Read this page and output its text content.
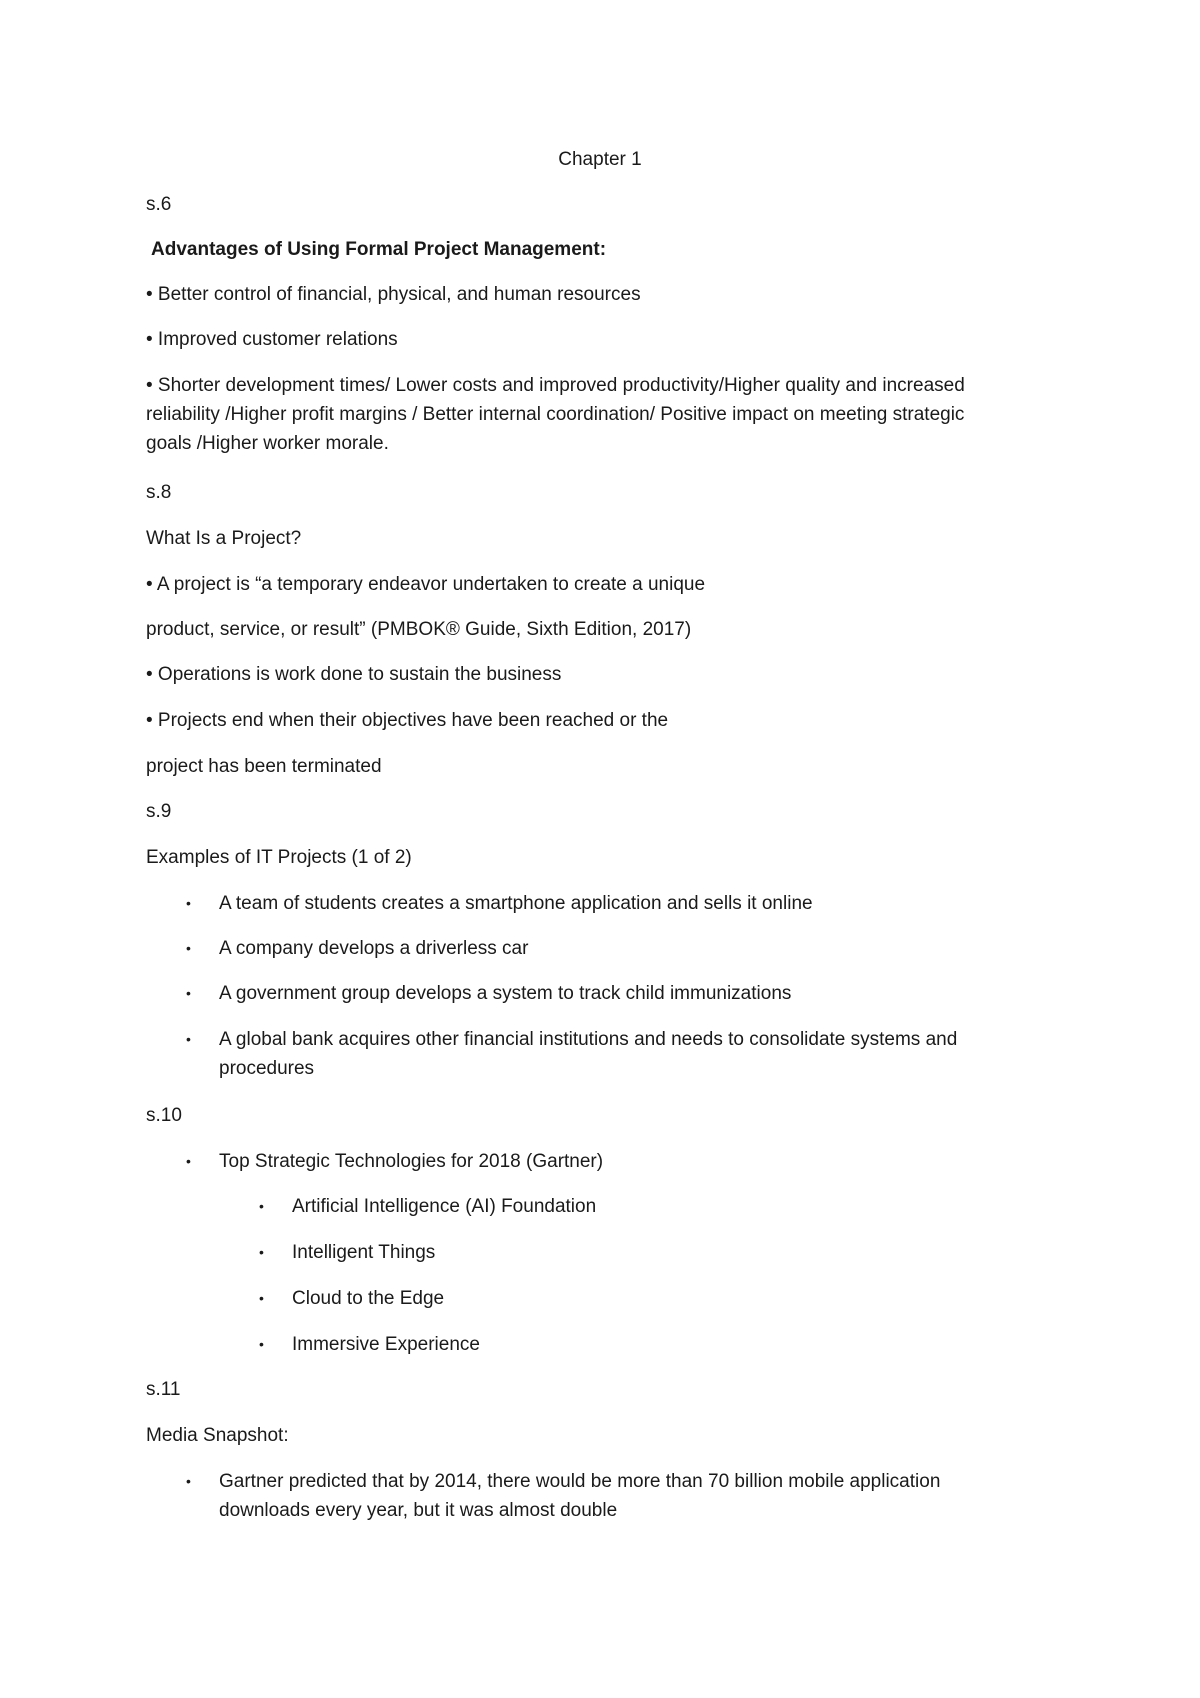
Chapter 1
s.6
Advantages of Using Formal Project Management:
• Better control of financial, physical, and human resources
• Improved customer relations
• Shorter development times/ Lower costs and improved productivity/Higher quality and increased
reliability /Higher profit margins / Better internal coordination/ Positive impact on meeting strategic
goals /Higher worker morale.
s.8
What Is a Project?
• A project is “a temporary endeavor undertaken to create a unique
product, service, or result” (PMBOK® Guide, Sixth Edition, 2017)
• Operations is work done to sustain the business
• Projects end when their objectives have been reached or the
project has been terminated
s.9
Examples of IT Projects (1 of 2)
• A team of students creates a smartphone application and sells it online
• A company develops a driverless car
• A government group develops a system to track child immunizations
• A global bank acquires other financial institutions and needs to consolidate systems and
procedures
s.10
• Top Strategic Technologies for 2018 (Gartner)
• Artificial Intelligence (AI) Foundation
• Intelligent Things
• Cloud to the Edge
• Immersive Experience
s.11
Media Snapshot:
• Gartner predicted that by 2014, there would be more than 70 billion mobile application
downloads every year, but it was almost double
